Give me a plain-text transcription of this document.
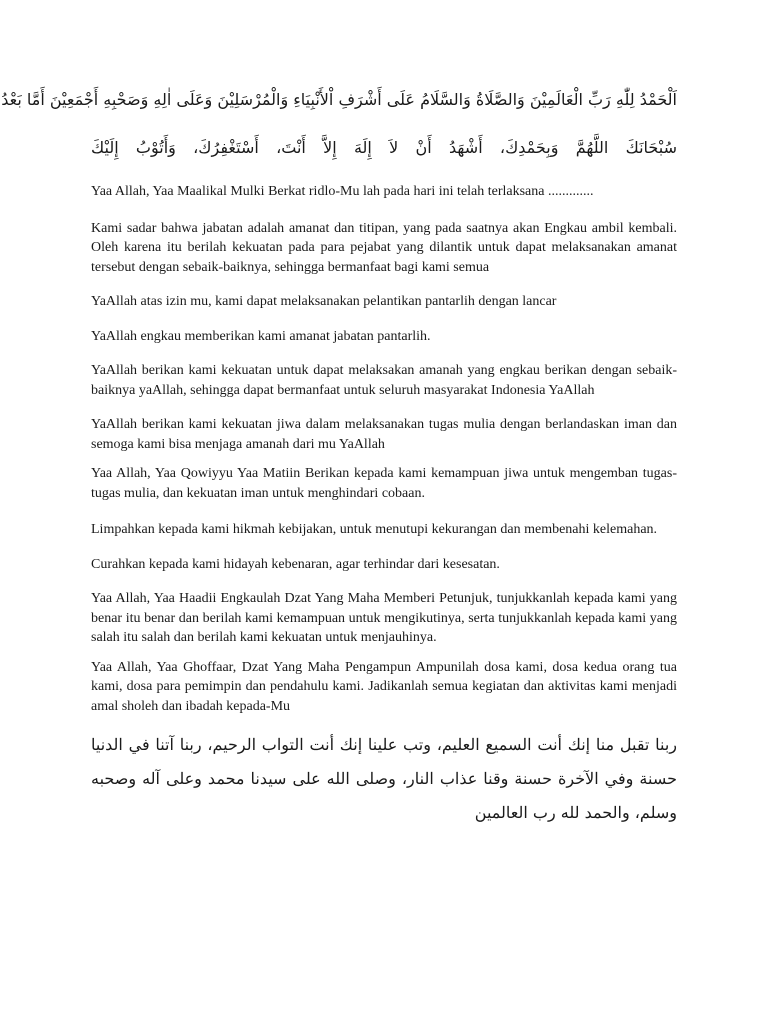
اَلْحَمْدُ لِلّٰهِ رَبِّ الْعَالَمِيْنَ وَالصَّلَاةُ وَالسَّلَامُ عَلَى أَشْرَفِ اْلأَنْبِيَاءِ وَالْمُرْسَلِيْنَ وَعَلَى اٰلِهِ وَصَحْبِهِ أَجْمَعِيْنَ أَمَّا بَعْدُ

سُبْحَانَكَ اللَّهُمَّ وَبِحَمْدِكَ، أَشْهَدُ أَنْ لاَ إِلَهَ إِلاَّ أَنْتَ، أَسْتَغْفِرُكَ، وَأَتُوْبُ إِلَيْكَ

Yaa Allah, Yaa Maalikal Mulki Berkat ridlo-Mu lah pada hari ini telah terlaksana .............

Kami sadar bahwa jabatan adalah amanat dan titipan, yang pada saatnya akan Engkau ambil kembali. Oleh karena itu berilah kekuatan pada para pejabat yang dilantik untuk dapat melaksanakan amanat tersebut dengan sebaik-baiknya, sehingga bermanfaat bagi kami semua

YaAllah atas izin mu, kami dapat melaksanakan pelantikan pantarlih dengan lancar

YaAllah engkau memberikan kami amanat jabatan pantarlih.

YaAllah berikan kami kekuatan untuk dapat melaksakan amanah yang engkau berikan dengan sebaik-baiknya yaAllah, sehingga dapat bermanfaat untuk seluruh masyarakat Indonesia YaAllah

YaAllah berikan kami kekuatan jiwa dalam melaksanakan tugas mulia dengan berlandaskan iman dan semoga kami bisa menjaga amanah dari mu YaAllah

Yaa Allah, Yaa Qowiyyu Yaa Matiin Berikan kepada kami kemampuan jiwa untuk mengemban tugas-tugas mulia, dan kekuatan iman untuk menghindari cobaan.

Limpahkan kepada kami hikmah kebijakan, untuk menutupi kekurangan dan membenahi kelemahan.

Curahkan kepada kami hidayah kebenaran, agar terhindar dari kesesatan.

Yaa Allah, Yaa Haadii Engkaulah Dzat Yang Maha Memberi Petunjuk, tunjukkanlah kepada kami yang benar itu benar dan berilah kami kemampuan untuk mengikutinya, serta tunjukkanlah kepada kami yang salah itu salah dan berilah kami kekuatan untuk menjauhinya.

Yaa Allah, Yaa Ghoffaar, Dzat Yang Maha Pengampun Ampunilah dosa kami, dosa kedua orang tua kami, dosa para pemimpin dan pendahulu kami. Jadikanlah semua kegiatan dan aktivitas kami menjadi amal sholeh dan ibadah kepada-Mu

ربنا تقبل منا إنك أنت السميع العليم، وتب علينا إنك أنت التواب الرحيم، ربنا آتنا في الدنيا حسنة وفي الآخرة حسنة وقنا عذاب النار، وصلى الله على سيدنا محمد وعلى آله وصحبه وسلم، والحمد لله رب العالمين
